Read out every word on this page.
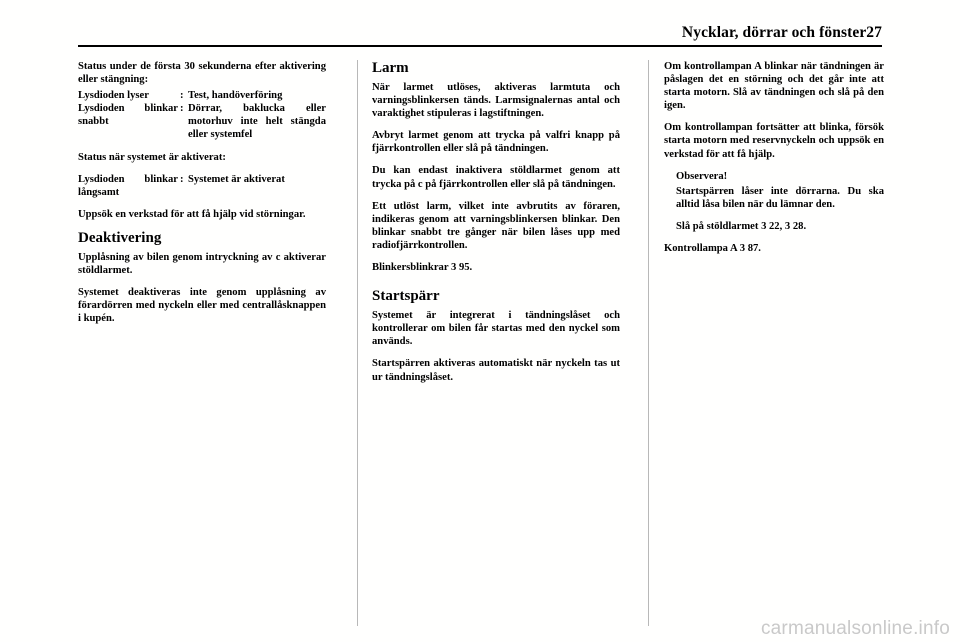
Nycklar, dörrar och fönster27

Status under de första 30 sekunderna efter aktivering eller stängning:

Lysdioden lyser	: Test, handöverföring
Lysdioden blinkar snabbt
: Dörrar, baklucka eller motorhuv inte helt stängda eller systemfel

Status när systemet är aktiverat:

Lysdioden blinkar långsamt
: Systemet är aktiverat

Uppsök en verkstad för att få hjälp vid störningar.

Deaktivering

Upplåsning av bilen genom intryckning av c aktiverar stöldlarmet.

Systemet deaktiveras inte genom upplåsning av förardörren med nyckeln eller med centrallåsknappen i kupén.

Larm

När larmet utlöses, aktiveras larmtuta och varningsblinkersen tänds. Larmsignalernas antal och varaktighet stipuleras i lagstiftningen.

Avbryt larmet genom att trycka på valfri knapp på fjärrkontrollen eller slå på tändningen.

Du kan endast inaktivera stöldlarmet genom att trycka på c på fjärrkontrollen eller slå på tändningen.

Ett utlöst larm, vilket inte avbrutits av föraren, indikeras genom att varningsblinkersen blinkar. Den blinkar snabbt tre gånger när bilen låses upp med radiofjärrkontrollen.

Blinkersblinkrar 3 95.

Startspärr

Systemet är integrerat i tändningslåset och kontrollerar om bilen får startas med den nyckel som används.

Startspärren aktiveras automatiskt när nyckeln tas ut ur tändningslåset.

Om kontrollampan A blinkar när tändningen är påslagen det en störning och det går inte att starta motorn. Slå av tändningen och slå på den igen.

Om kontrollampan fortsätter att blinka, försök starta motorn med reservnyckeln och uppsök en verkstad för att få hjälp.

Observera!

Startspärren låser inte dörrarna. Du ska alltid låsa bilen när du lämnar den.

Slå på stöldlarmet 3 22, 3 28.

Kontrollampa A 3 87.

carmanualsonline.info
